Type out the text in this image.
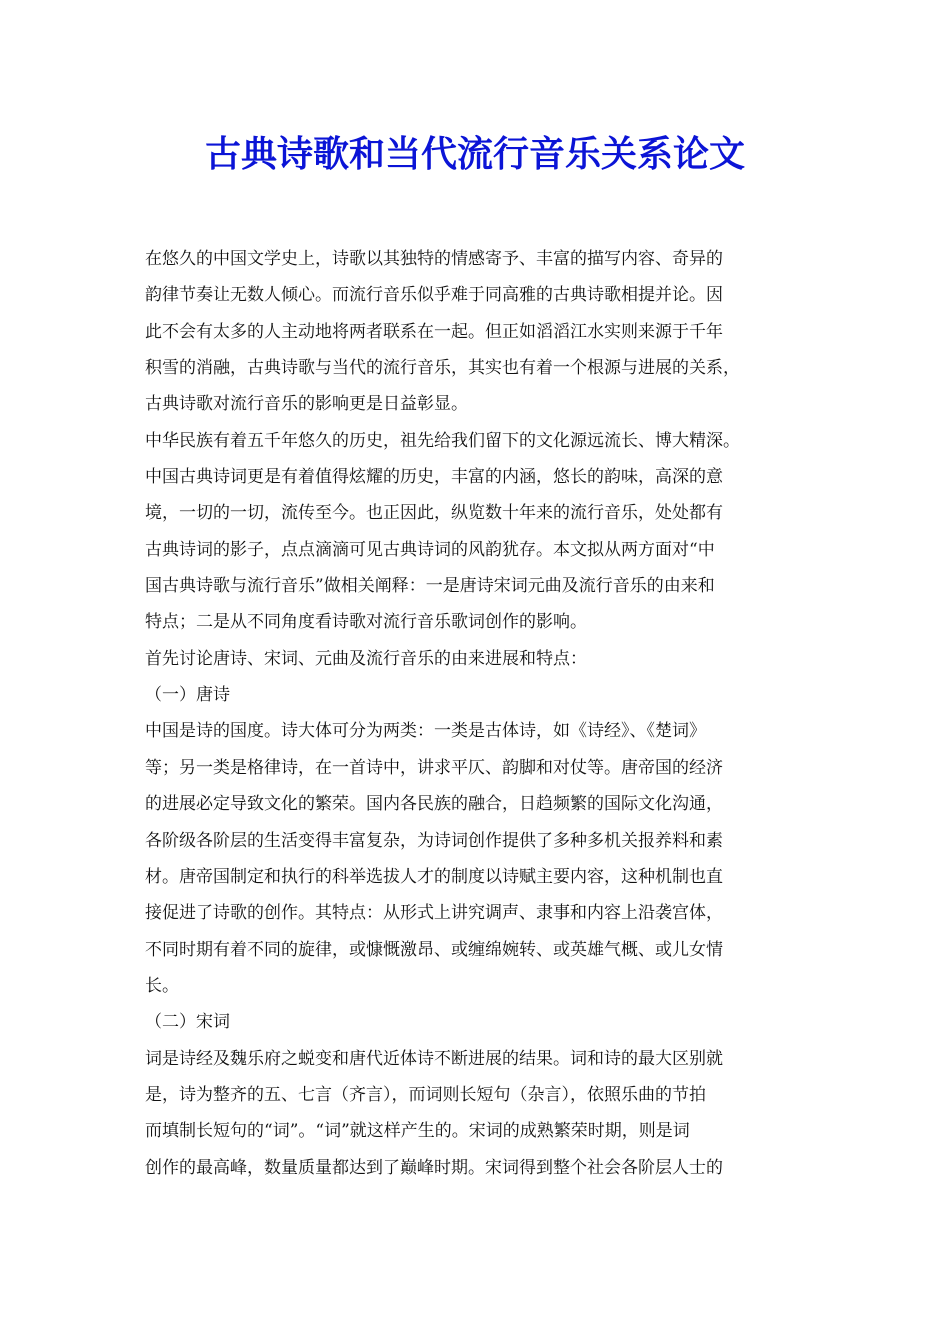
古典诗歌和当代流行音乐关系论文
在悠久的中国文学史上，诗歌以其独特的情感寄予、丰富的描写内容、奇异的
韵律节奏让无数人倾心。而流行音乐似乎难于同高雅的古典诗歌相提并论。因
此不会有太多的人主动地将两者联系在一起。但正如滔滔江水实则来源于千年
积雪的消融，古典诗歌与当代的流行音乐，其实也有着一个根源与进展的关系，
古典诗歌对流行音乐的影响更是日益彰显。
中华民族有着五千年悠久的历史，祖先给我们留下的文化源远流长、博大精深。
中国古典诗词更是有着值得炫耀的历史，丰富的内涵，悠长的韵味，高深的意
境，一切的一切，流传至今。也正因此，纵览数十年来的流行音乐，处处都有
古典诗词的影子，点点滴滴可见古典诗词的风韵犹存。本文拟从两方面对“中
国古典诗歌与流行音乐”做相关阐释：一是唐诗宋词元曲及流行音乐的由来和
特点；二是从不同角度看诗歌对流行音乐歌词创作的影响。
首先讨论唐诗、宋词、元曲及流行音乐的由来进展和特点：
（一）唐诗
中国是诗的国度。诗大体可分为两类：一类是古体诗，如《诗经》、《楚词》
等；另一类是格律诗，在一首诗中，讲求平仄、韵脚和对仗等。唐帝国的经济
的进展必定导致文化的繁荣。国内各民族的融合，日趋频繁的国际文化沟通，
各阶级各阶层的生活变得丰富复杂，为诗词创作提供了多种多机关报养料和素
材。唐帝国制定和执行的科举选拔人才的制度以诗赋主要内容，这种机制也直
接促进了诗歌的创作。其特点：从形式上讲究调声、隶事和内容上沿袭宫体，
不同时期有着不同的旋律，或慷慨激昂、或缠绵婉转、或英雄气概、或儿女情
长。
（二）宋词
词是诗经及魏乐府之蜕变和唐代近体诗不断进展的结果。词和诗的最大区别就
是，诗为整齐的五、七言（齐言），而词则长短句（杂言），依照乐曲的节拍
而填制长短句的“词”。“词”就这样产生的。宋词的成熟繁荣时期，则是词
创作的最高峰，数量质量都达到了巅峰时期。宋词得到整个社会各阶层人士的
